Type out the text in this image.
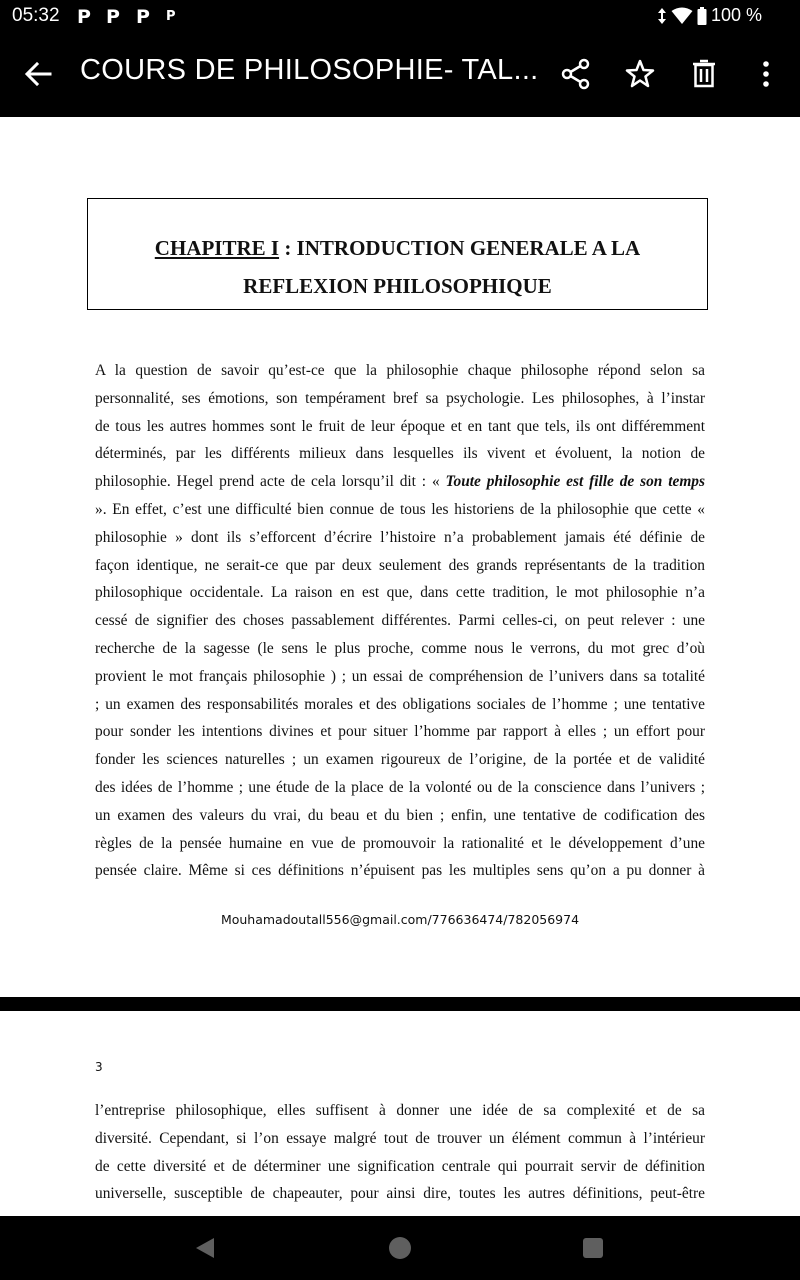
05:32 P P P P	100 %
COURS DE PHILOSOPHIE- TAL...
CHAPITRE I : INTRODUCTION GENERALE A LA
REFLEXION PHILOSOPHIQUE
A la question de savoir qu’est-ce que la philosophie chaque philosophe répond selon sa
personnalité, ses émotions, son tempérament bref sa psychologie. Les philosophes, à l’instar
de tous les autres hommes sont le fruit de leur époque et en tant que tels, ils ont différemment
déterminés, par les différents milieux dans lesquelles ils vivent et évoluent, la notion de
philosophie. Hegel prend acte de cela lorsqu’il dit : « Toute philosophie est fille de son temps
». En effet, c’est une difficulté bien connue de tous les historiens de la philosophie que cette «
philosophie » dont ils s’efforcent d’écrire l’histoire n’a probablement jamais été définie de
façon identique, ne serait-ce que par deux seulement des grands représentants de la tradition
philosophique occidentale. La raison en est que, dans cette tradition, le mot philosophie n’a
cessé de signifier des choses passablement différentes. Parmi celles-ci, on peut relever : une
recherche de la sagesse (le sens le plus proche, comme nous le verrons, du mot grec d’où
provient le mot français philosophie ) ; un essai de compréhension de l’univers dans sa totalité
; un examen des responsabilités morales et des obligations sociales de l’homme ; une tentative
pour sonder les intentions divines et pour situer l’homme par rapport à elles ; un effort pour
fonder les sciences naturelles ; un examen rigoureux de l’origine, de la portée et de validité
des idées de l’homme ; une étude de la place de la volonté ou de la conscience dans l’univers ;
un examen des valeurs du vrai, du beau et du bien ; enfin, une tentative de codification des
règles de la pensée humaine en vue de promouvoir la rationalité et le développement d’une
pensée claire. Même si ces définitions n’épuisent pas les multiples sens qu’on a pu donner à
Mouhamadoutall556@gmail.com/776636474/782056974
3
l’entreprise philosophique, elles suffisent à donner une idée de sa complexité et de sa
diversité. Cependant, si l’on essaye malgré tout de trouver un élément commun à l’intérieur
de cette diversité et de déterminer une signification centrale qui pourrait servir de définition
universelle, susceptible de chapeauter, pour ainsi dire, toutes les autres définitions, peut-être
